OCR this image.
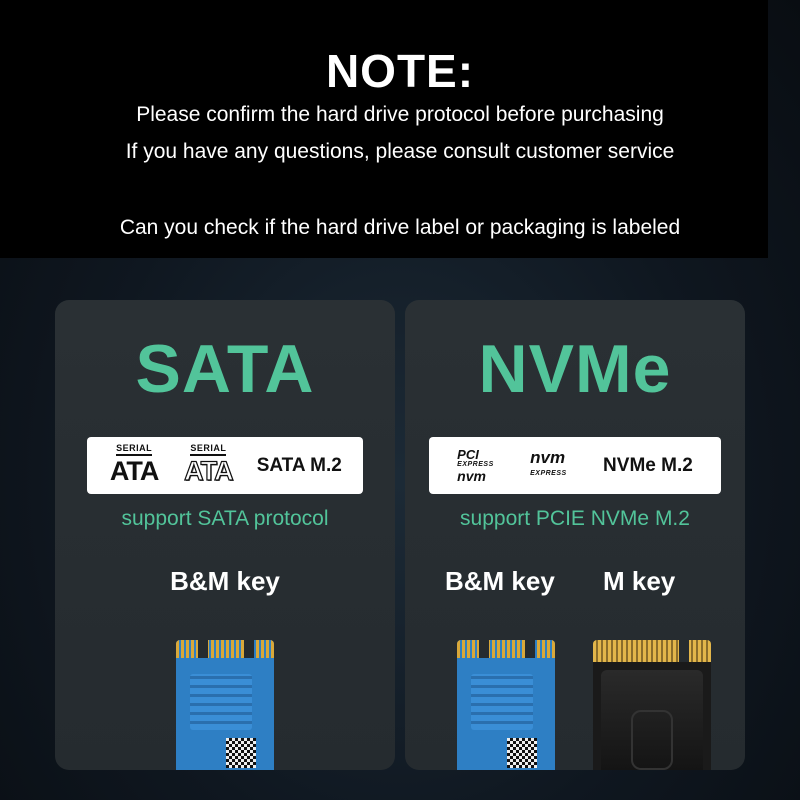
NOTE:
Please confirm the hard drive protocol before purchasing
If you have any questions, please consult customer service
Can you check if the hard drive label or packaging is labeled
SATA
SERIAL
ATA
SERIAL
ATA SATA M.2
support SATA protocol
B&M key
NVMe
PCI
EXPRESS
nvm
nvm
EXPRESS NVMe M.2
support PCIE NVMe M.2
B&M key M key
